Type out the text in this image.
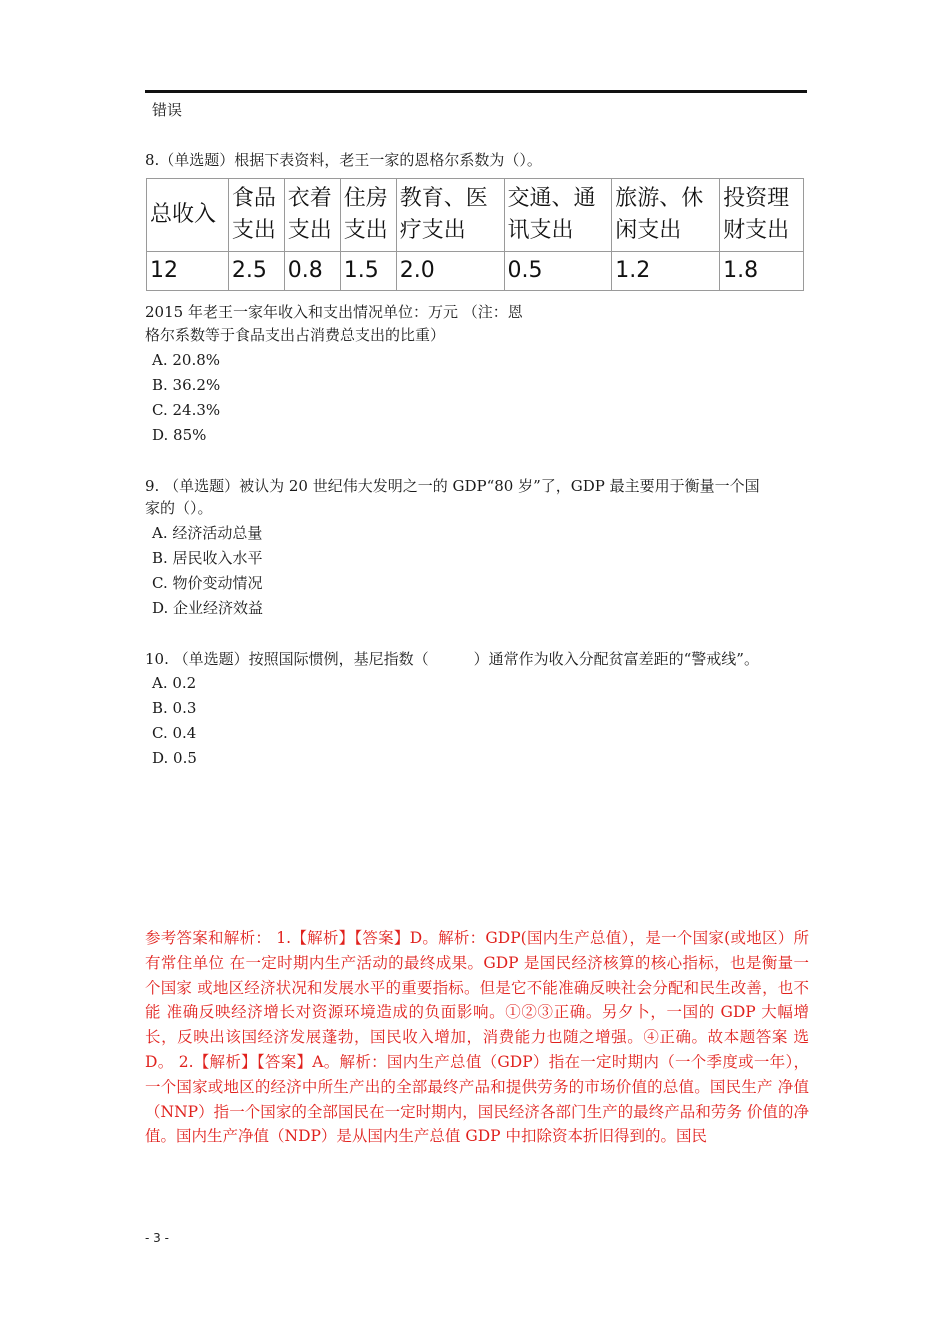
错误
8.（单选题）根据下表资料，老王一家的恩格尔系数为（）。
总收入	食品支出	衣着支出	住房支出	教育、医疗支出	交通、通讯支出	旅游、休闲支出	投资理财支出
12	2.5	0.8	1.5	2.0	0.5	1.2	1.8
2015 年老王一家年收入和支出情况单位：万元 （注：恩
格尔系数等于食品支出占消费总支出的比重）
A. 20.8%
B. 36.2%
C. 24.3%
D. 85%
9. （单选题）被认为 20 世纪伟大发明之一的 GDP“80 岁”了，GDP 最主要用于衡量一个国
家的（）。
A. 经济活动总量
B. 居民收入水平
C. 物价变动情况
D. 企业经济效益
10. （单选题）按照国际惯例，基尼指数（　　　）通常作为收入分配贫富差距的“警戒线”。
A. 0.2
B. 0.3
C. 0.4
D. 0.5
参考答案和解析： 1.【解析】【答案】D。解析：GDP(国内生产总值），是一个国家(或地区）所有常住单位 在一定时期内生产活动的最终成果。GDP 是国民经济核算的核心指标，也是衡量一个国家 或地区经济状况和发展水平的重要指标。但是它不能准确反映社会分配和民生改善，也不能 准确反映经济增长对资源环境造成的负面影响。①②③正确。另夕卜，一国的 GDP 大幅增 长，反映出该国经济发展蓬勃，国民收入增加，消费能力也随之增强。④正确。故本题答案 选 D。 2.【解析】【答案】A。解析：国内生产总值（GDP）指在一定时期内（一个季度或一年）， 一个国家或地区的经济中所生产出的全部最终产品和提供劳务的市场价值的总值。国民生产 净值（NNP）指一个国家的全部国民在一定时期内，国民经济各部门生产的最终产品和劳务 价值的净值。国内生产净值（NDP）是从国内生产总值 GDP 中扣除资本折旧得到的。国民
- 3 -
